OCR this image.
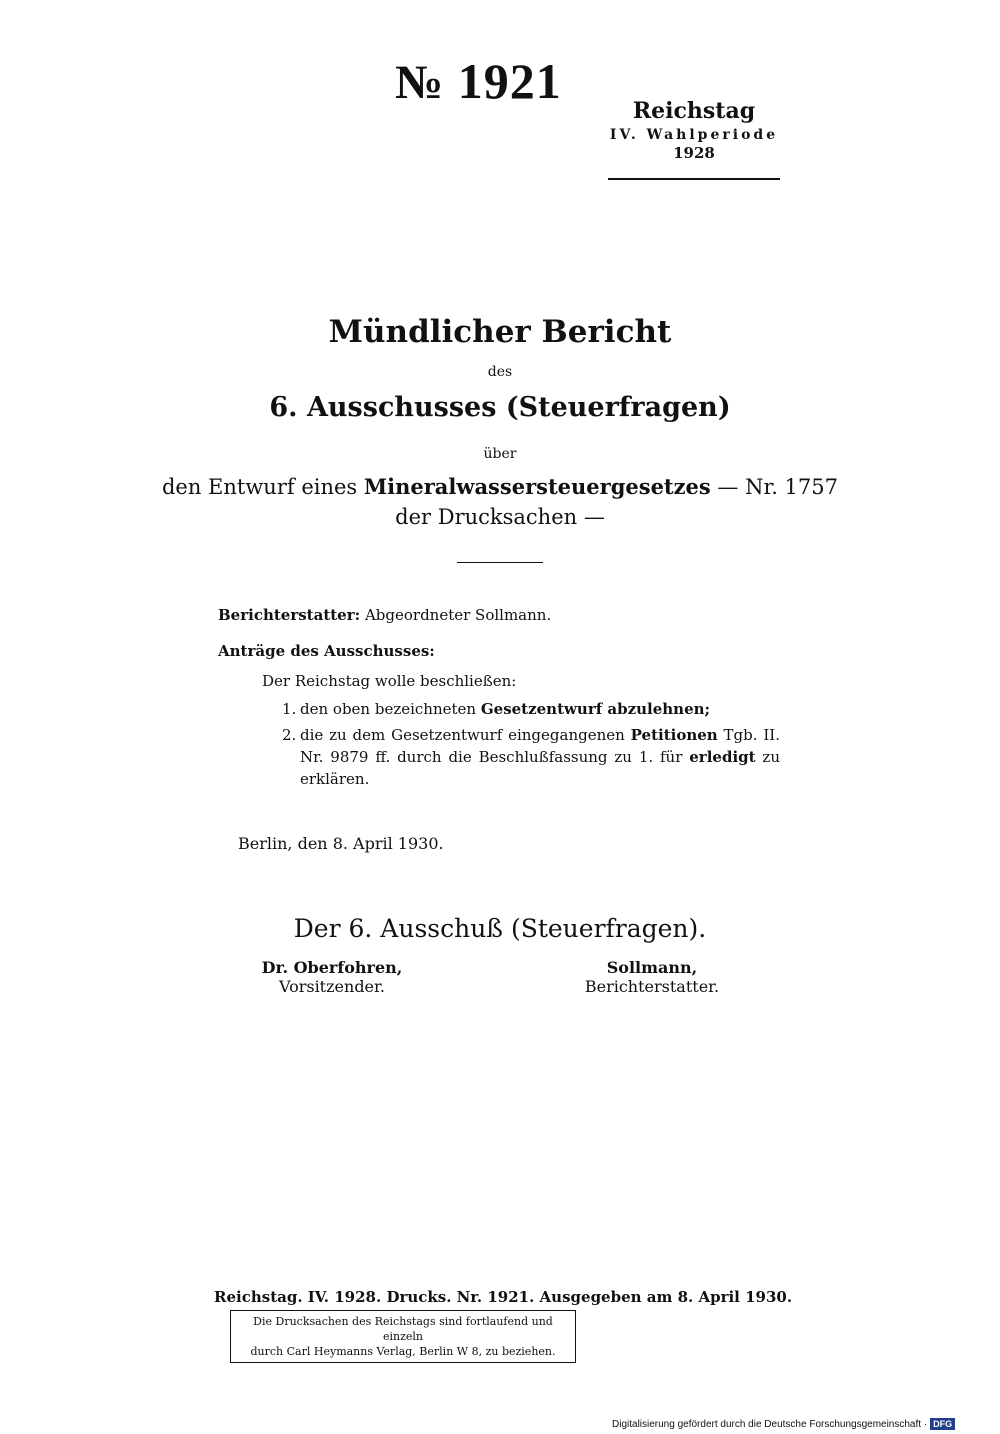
№ 1921
Reichstag
IV. Wahlperiode
1928
Mündlicher Bericht
des
6. Ausschusses (Steuerfragen)
über
den Entwurf eines Mineralwassersteuergesetzes — Nr. 1757
der Drucksachen —
Berichterstatter: Abgeordneter Sollmann.
Anträge des Ausschusses:
Der Reichstag wolle beschließen:
1. den oben bezeichneten Gesetzentwurf abzulehnen;
2. die zu dem Gesetzentwurf eingegangenen Petitionen Tgb. II. Nr. 9879 ff. durch die Beschlußfassung zu 1. für erledigt zu erklären.
Berlin, den 8. April 1930.
Der 6. Ausschuß (Steuerfragen).
Dr. Oberfohren,
Vorsitzender.
Sollmann,
Berichterstatter.
Reichstag. IV. 1928. Drucks. Nr. 1921. Ausgegeben am 8. April 1930.
Die Drucksachen des Reichstags sind fortlaufend und einzeln
durch Carl Heymanns Verlag, Berlin W 8, zu beziehen.
Digitalisierung gefördert durch die Deutsche Forschungsgemeinschaft · DFG
